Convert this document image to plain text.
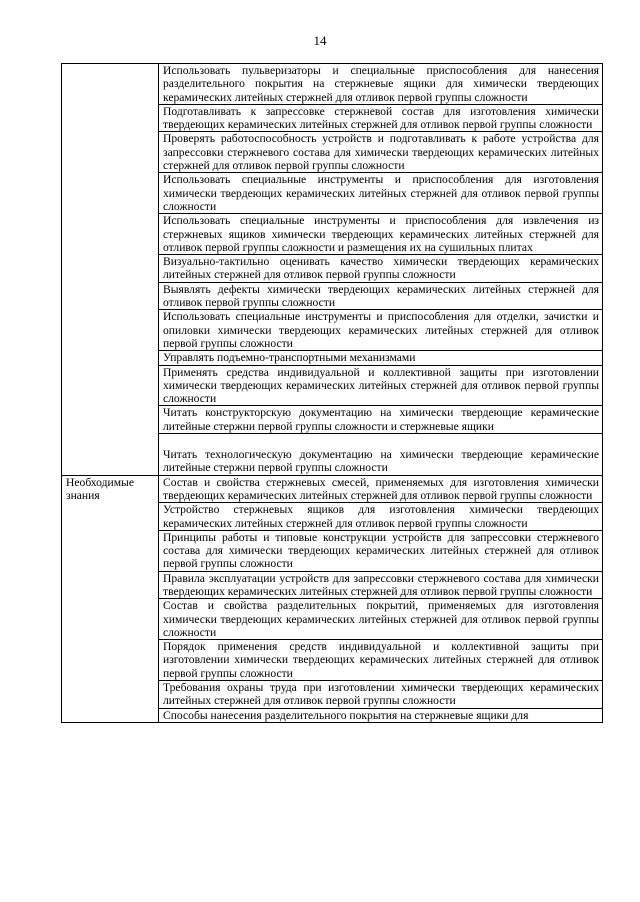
14
	Использовать пульверизаторы и специальные приспособления для нанесения разделительного покрытия на стержневые ящики для химически твердеющих керамических литейных стержней для отливок первой группы сложности
	Подготавливать к запрессовке стержневой состав для изготовления химически твердеющих керамических литейных стержней для отливок первой группы сложности
	Проверять работоспособность устройств и подготавливать к работе устройства для запрессовки стержневого состава для химически твердеющих керамических литейных стержней для отливок первой группы сложности
	Использовать специальные инструменты и приспособления для изготовления химически твердеющих керамических литейных стержней для отливок первой группы сложности
	Использовать специальные инструменты и приспособления для извлечения из стержневых ящиков химически твердеющих керамических литейных стержней для отливок первой группы сложности и размещения их на сушильных плитах
	Визуально-тактильно оценивать качество химически твердеющих керамических литейных стержней для отливок первой группы сложности
	Выявлять дефекты химически твердеющих керамических литейных стержней для отливок первой группы сложности
	Использовать специальные инструменты и приспособления для отделки, зачистки и опиловки химически твердеющих керамических литейных стержней для отливок первой группы сложности
	Управлять подъемно-транспортными механизмами
	Применять средства индивидуальной и коллективной защиты при изготовлении химически твердеющих керамических литейных стержней для отливок первой группы сложности
	Читать конструкторскую документацию на химически твердеющие керамические литейные стержни первой группы сложности и стержневые ящики
	Читать технологическую документацию на химически твердеющие керамические литейные стержни первой группы сложности
Необходимые знания	Состав и свойства стержневых смесей, применяемых для изготовления химически твердеющих керамических литейных стержней для отливок первой группы сложности
	Устройство стержневых ящиков для изготовления химически твердеющих керамических литейных стержней для отливок первой группы сложности
	Принципы работы и типовые конструкции устройств для запрессовки стержневого состава для химически твердеющих керамических литейных стержней для отливок первой группы сложности
	Правила эксплуатации устройств для запрессовки стержневого состава для химически твердеющих керамических литейных стержней для отливок первой группы сложности
	Состав и свойства разделительных покрытий, применяемых для изготовления химически твердеющих керамических литейных стержней для отливок первой группы сложности
	Порядок применения средств индивидуальной и коллективной защиты при изготовлении химически твердеющих керамических литейных стержней для отливок первой группы сложности
	Требования охраны труда при изготовлении химически твердеющих керамических литейных стержней для отливок первой группы сложности
	Способы нанесения разделительного покрытия на стержневые ящики для
